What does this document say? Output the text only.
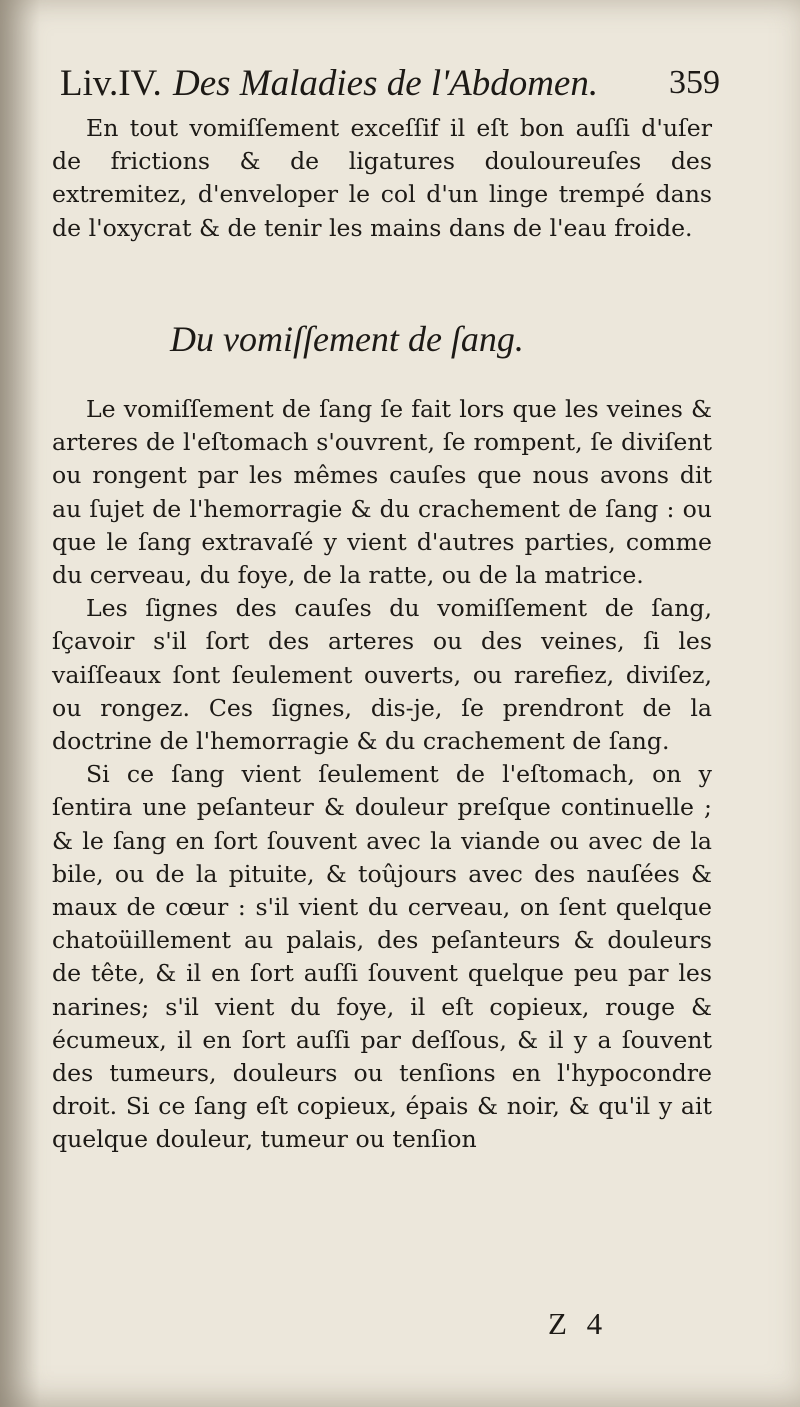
Liv.IV. Des Maladies de l'Abdomen. 359
En tout vomiſſement exceſſif il eſt bon auſſi d'uſer de frictions & de ligatures douloureuſes des extremitez, d'enveloper le col d'un linge trempé dans de l'oxycrat & de tenir les mains dans de l'eau froide.
Du vomiſſement de ſang.
Le vomiſſement de ſang ſe fait lors que les veines & arteres de l'eſtomach s'ouvrent, ſe rompent, ſe diviſent ou rongent par les mêmes cauſes que nous avons dit au ſujet de l'hemorragie & du crachement de ſang : ou que le ſang extravaſé y vient d'autres parties, comme du cerveau, du foye, de la ratte, ou de la matrice.
Les ſignes des cauſes du vomiſſement de ſang, ſçavoir s'il ſort des arteres ou des veines, ſi les vaiſſeaux ſont ſeulement ouverts, ou rarefiez, diviſez, ou rongez. Ces ſignes, dis-je, ſe prendront de la doctrine de l'hemorragie & du crachement de ſang.
Si ce ſang vient ſeulement de l'eſtomach, on y ſentira une peſanteur & douleur preſque continuelle ; & le ſang en ſort ſouvent avec la viande ou avec de la bile, ou de la pituite, & toûjours avec des nauſées & maux de cœur : s'il vient du cerveau, on ſent quelque chatoüillement au palais, des peſanteurs & douleurs de tête, & il en ſort auſſi ſouvent quelque peu par les narines; s'il vient du foye, il eſt copieux, rouge & écumeux, il en ſort auſſi par deſſous, & il y a ſouvent des tumeurs, douleurs ou tenſions en l'hypocondre droit. Si ce ſang eſt copieux, épais & noir, & qu'il y ait quelque douleur, tumeur ou tenſion
Z 4
